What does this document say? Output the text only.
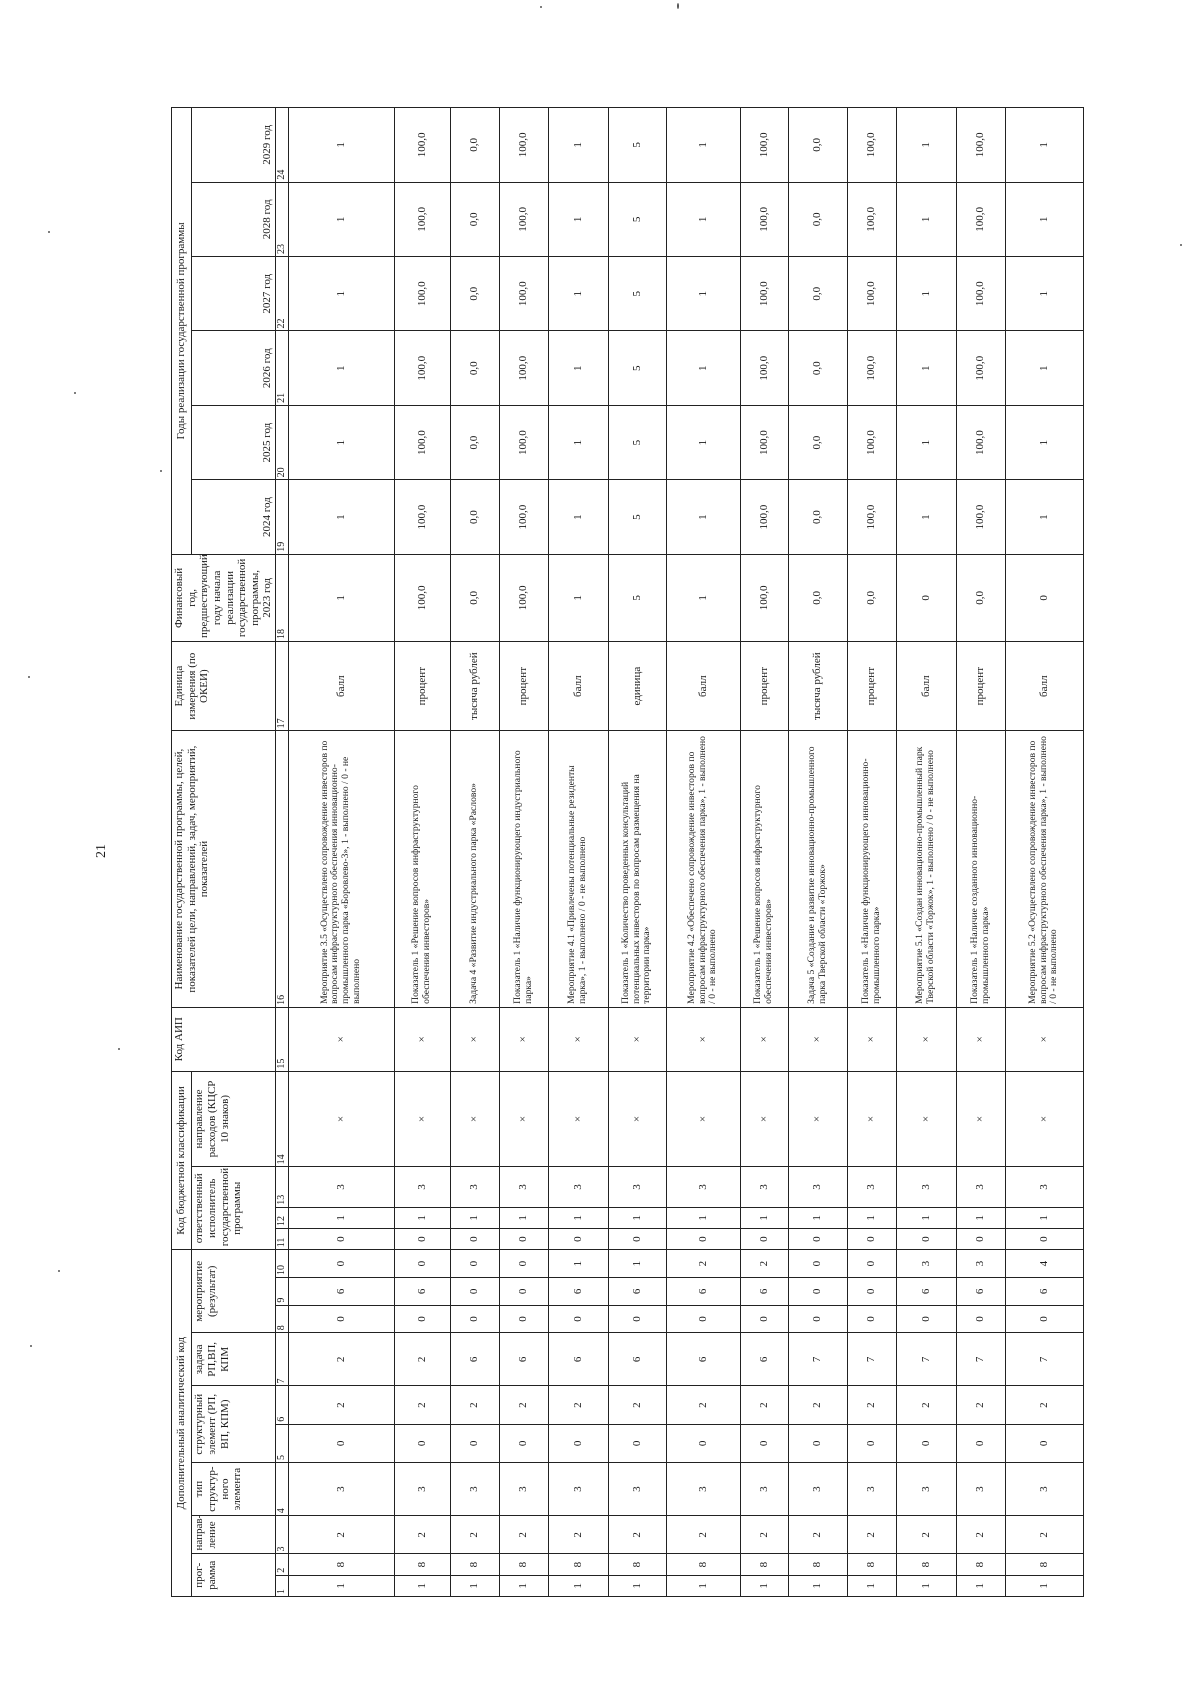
21
Дополнительный аналитический код										Код бюджетной классификации				Код АИП	Наименование государственной программы, целей, показателей цели, направлений, задач, мероприятий, показателей	Единица измерения (по ОКЕИ)	Финансовый год, предшествующий году начала реализации государственной программы, 2023 год	Годы реализации государственной программы					
прог-рамма		направ-ление	тип структур-ного элемента	структурный элемент (РП, ВП, КПМ)		задача РП,ВП, КПМ	мероприятие (результат)			ответственный исполнитель государственной программы			направление расходов (КЦСР 10 знаков)					2024 год	2025 год	2026 год	2027 год	2028 год	2029 год
1	2	3	4	5	6	7	8	9	10	11	12	13	14	15	16	17	18	19	20	21	22	23	24
1	8	2	3	0	2	2	0	6	0	0	1	3	×	×	Мероприятие 3.5 «Осуществлено сопровождение инвесторов по вопросам инфраструктурного обеспечения инновационно-промышленного парка «Боровлево-3», 1 - выполнено / 0 - не выполнено	балл	1	1	1	1	1	1	1
1	8	2	3	0	2	2	0	6	0	0	1	3	×	×	Показатель 1 «Решение вопросов инфраструктурного обеспечения инвесторов»	процент	100,0	100,0	100,0	100,0	100,0	100,0	100,0
1	8	2	3	0	2	6	0	0	0	0	1	3	×	×	Задача 4 «Развитие индустриального парка «Раслово»	тысяча рублей	0,0	0,0	0,0	0,0	0,0	0,0	0,0
1	8	2	3	0	2	6	0	0	0	0	1	3	×	×	Показатель 1 «Наличие функционирующего индустриального парка»	процент	100,0	100,0	100,0	100,0	100,0	100,0	100,0
1	8	2	3	0	2	6	0	6	1	0	1	3	×	×	Мероприятие 4.1 «Привлечены потенциальные резиденты парка», 1 - выполнено / 0 - не выполнено	балл	1	1	1	1	1	1	1
1	8	2	3	0	2	6	0	6	1	0	1	3	×	×	Показатель 1 «Количество проведенных консультаций потенциальных инвесторов по вопросам размещения на территории парка»	единица	5	5	5	5	5	5	5
1	8	2	3	0	2	6	0	6	2	0	1	3	×	×	Мероприятие 4.2 «Обеспечено сопровождение инвесторов по вопросам инфраструктурного обеспечения парка», 1 - выполнено / 0 - не выполнено	балл	1	1	1	1	1	1	1
1	8	2	3	0	2	6	0	6	2	0	1	3	×	×	Показатель 1 «Решение вопросов инфраструктурного обеспечения инвесторов»	процент	100,0	100,0	100,0	100,0	100,0	100,0	100,0
1	8	2	3	0	2	7	0	0	0	0	1	3	×	×	Задача 5 «Создание и развитие инновационно-промышленного парка Тверской области «Торжок»	тысяча рублей	0,0	0,0	0,0	0,0	0,0	0,0	0,0
1	8	2	3	0	2	7	0	0	0	0	1	3	×	×	Показатель 1 «Наличие функционирующего инновационно-промышленного парка»	процент	0,0	100,0	100,0	100,0	100,0	100,0	100,0
1	8	2	3	0	2	7	0	6	3	0	1	3	×	×	Мероприятие 5.1 «Создан инновационно-промышленный парк Тверской области «Торжок», 1 - выполнено / 0 - не выполнено	балл	0	1	1	1	1	1	1
1	8	2	3	0	2	7	0	6	3	0	1	3	×	×	Показатель 1 «Наличие созданного инновационно-промышленного парка»	процент	0,0	100,0	100,0	100,0	100,0	100,0	100,0
1	8	2	3	0	2	7	0	6	4	0	1	3	×	×	Мероприятие 5.2 «Осуществлено сопровождение инвесторов по вопросам инфраструктурного обеспечения парка», 1 - выполнено / 0 - не выполнено	балл	0	1	1	1	1	1	1
